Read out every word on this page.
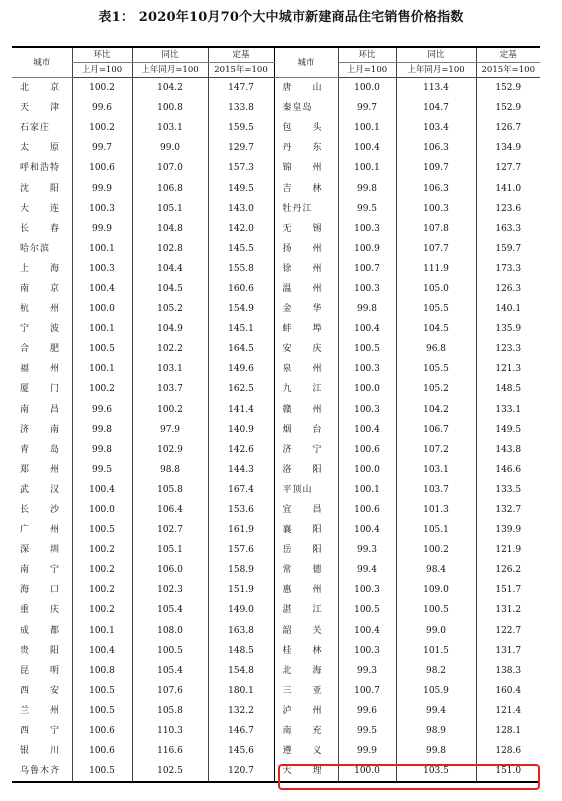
表1： 2020年10月70个大中城市新建商品住宅销售价格指数
城市	环比	同比	定基	城市	环比	同比	定基
	上月=100	上年同月=100	2015年=100		上月=100	上年同月=100	2015年=100
北　　京	100.2	104.2	147.7	唐　　山	100.0	113.4	152.9
天　　津	99.6	100.8	133.8	秦皇岛	99.7	104.7	152.9
石家庄	100.2	103.1	159.5	包　　头	100.1	103.4	126.7
太　　原	99.7	99.0	129.7	丹　　东	100.4	106.3	134.9
呼和浩特	100.6	107.0	157.3	锦　　州	100.1	109.7	127.7
沈　　阳	99.9	106.8	149.5	吉　　林	99.8	106.3	141.0
大　　连	100.3	105.1	143.0	牡丹江	99.5	100.3	123.6
长　　春	99.9	104.8	142.0	无　　锡	100.3	107.8	163.3
哈尔滨	100.1	102.8	145.5	扬　　州	100.9	107.7	159.7
上　　海	100.3	104.4	155.8	徐　　州	100.7	111.9	173.3
南　　京	100.4	104.5	160.6	温　　州	100.3	105.0	126.3
杭　　州	100.0	105.2	154.9	金　　华	99.8	105.5	140.1
宁　　波	100.1	104.9	145.1	蚌　　埠	100.4	104.5	135.9
合　　肥	100.5	102.2	164.5	安　　庆	100.5	96.8	123.3
福　　州	100.1	103.1	149.6	泉　　州	100.3	105.5	121.3
厦　　门	100.2	103.7	162.5	九　　江	100.0	105.2	148.5
南　　昌	99.6	100.2	141.4	赣　　州	100.3	104.2	133.1
济　　南	99.8	97.9	140.9	烟　　台	100.4	106.7	149.5
青　　岛	99.8	102.9	142.6	济　　宁	100.6	107.2	143.8
郑　　州	99.5	98.8	144.3	洛　　阳	100.0	103.1	146.6
武　　汉	100.4	105.8	167.4	平顶山	100.1	103.7	133.5
长　　沙	100.0	106.4	153.6	宜　　昌	100.6	101.3	132.7
广　　州	100.5	102.7	161.9	襄　　阳	100.4	105.1	139.9
深　　圳	100.2	105.1	157.6	岳　　阳	99.3	100.2	121.9
南　　宁	100.2	106.0	158.9	常　　德	99.4	98.4	126.2
海　　口	100.2	102.3	151.9	惠　　州	100.3	109.0	151.7
重　　庆	100.2	105.4	149.0	湛　　江	100.5	100.5	131.2
成　　都	100.1	108.0	163.8	韶　　关	100.4	99.0	122.7
贵　　阳	100.4	100.5	148.5	桂　　林	100.3	101.5	131.7
昆　　明	100.8	105.4	154.8	北　　海	99.3	98.2	138.3
西　　安	100.5	107.6	180.1	三　　亚	100.7	105.9	160.4
兰　　州	100.5	105.8	132.2	泸　　州	99.6	99.4	121.4
西　　宁	100.6	110.3	146.7	南　　充	99.5	98.9	128.1
银　　川	100.6	116.6	145.6	遵　　义	99.9	99.8	128.6
乌鲁木齐	100.5	102.5	120.7	大　　理	100.0	103.5	151.0
